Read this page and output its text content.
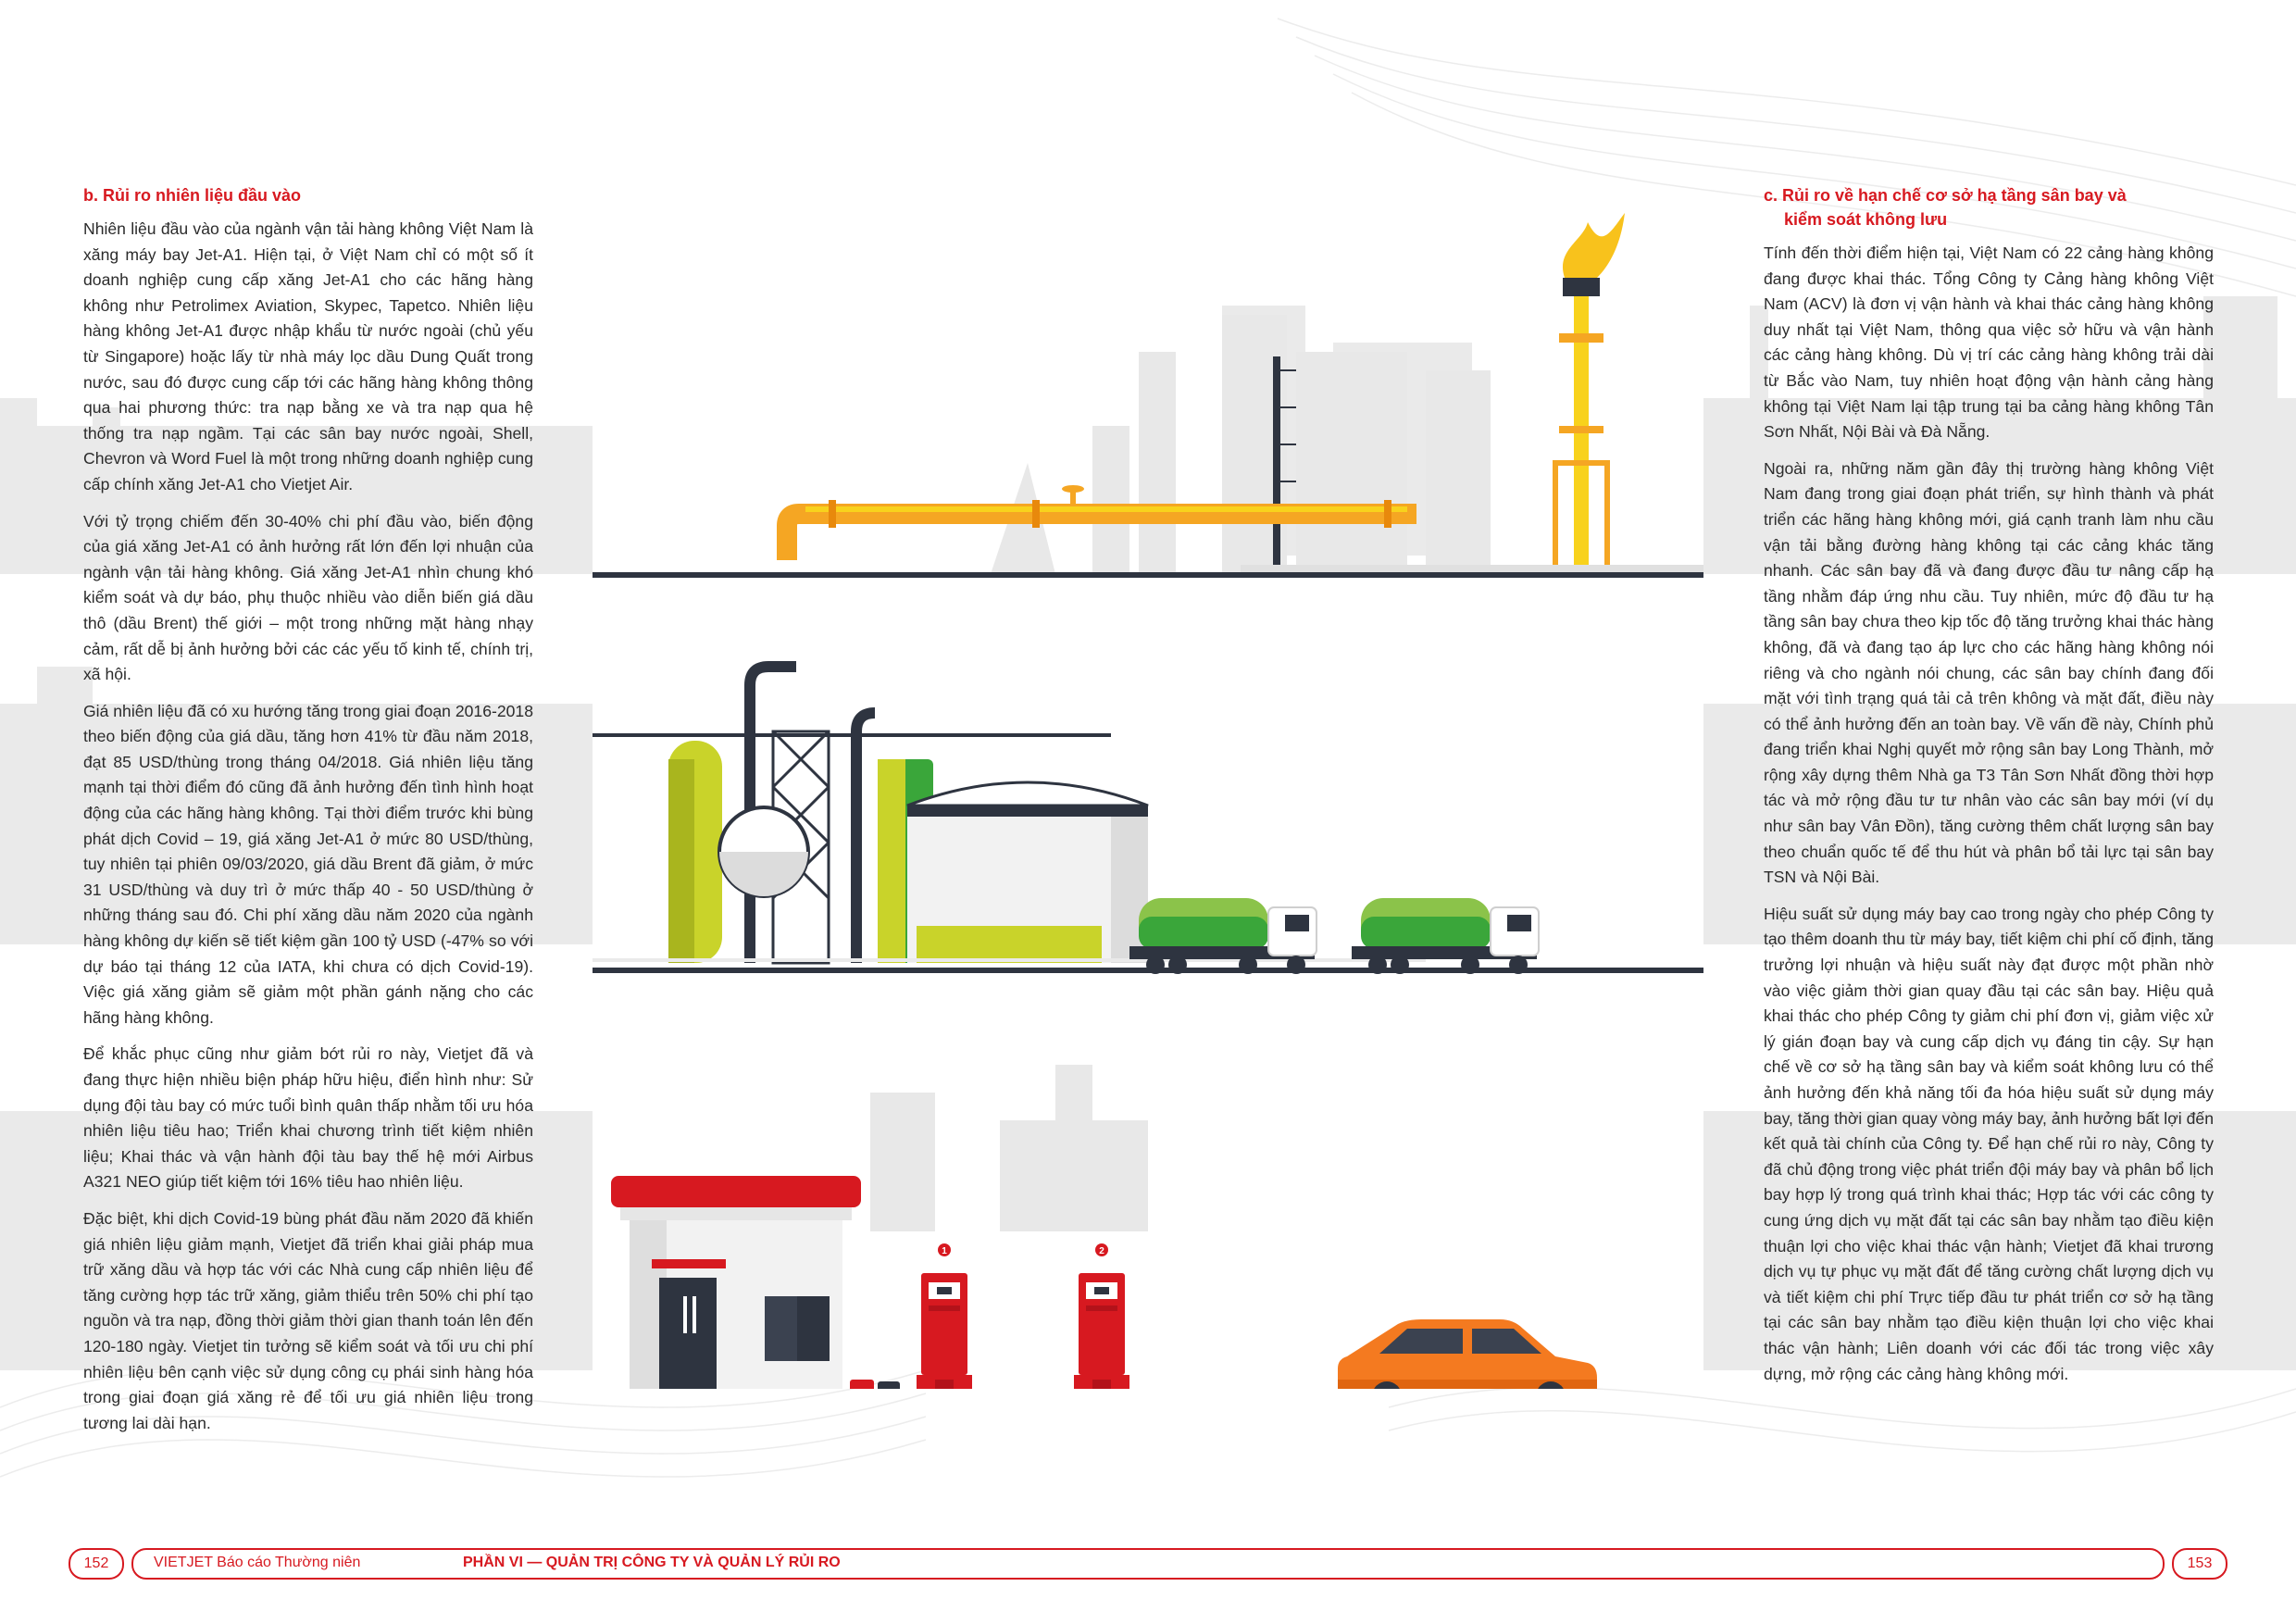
b. Rủi ro nhiên liệu đầu vào

Nhiên liệu đầu vào của ngành vận tải hàng không Việt Nam là xăng máy bay Jet-A1. Hiện tại, ở Việt Nam chỉ có một số ít doanh nghiệp cung cấp xăng Jet-A1 cho các hãng hàng không như Petrolimex Aviation, Skypec, Tapetco. Nhiên liệu hàng không Jet-A1 được nhập khẩu từ nước ngoài (chủ yếu từ Singapore) hoặc lấy từ nhà máy lọc dầu Dung Quất trong nước, sau đó được cung cấp tới các hãng hàng không thông qua hai phương thức: tra nạp bằng xe và tra nạp qua hệ thống tra nạp ngầm. Tại các sân bay nước ngoài, Shell, Chevron và Word Fuel là một trong những doanh nghiệp cung cấp chính xăng Jet-A1 cho Vietjet Air.

Với tỷ trọng chiếm đến 30-40% chi phí đầu vào, biến động của giá xăng Jet-A1 có ảnh hưởng rất lớn đến lợi nhuận của ngành vận tải hàng không. Giá xăng Jet-A1 nhìn chung khó kiểm soát và dự báo, phụ thuộc nhiều vào diễn biến giá dầu thô (dầu Brent) thế giới – một trong những mặt hàng nhạy cảm, rất dễ bị ảnh hưởng bởi các các yếu tố kinh tế, chính trị, xã hội.

Giá nhiên liệu đã có xu hướng tăng trong giai đoạn 2016-2018 theo biến động của giá dầu, tăng hơn 41% từ đầu năm 2018, đạt 85 USD/thùng trong tháng 04/2018. Giá nhiên liệu tăng mạnh tại thời điểm đó cũng đã ảnh hưởng đến tình hình hoạt động của các hãng hàng không. Tại thời điểm trước khi bùng phát dịch Covid – 19, giá xăng Jet-A1 ở mức 80 USD/thùng, tuy nhiên tại phiên 09/03/2020, giá dầu Brent đã giảm, ở mức 31 USD/thùng và duy trì ở mức thấp 40 - 50 USD/thùng ở những tháng sau đó. Chi phí xăng dầu năm 2020 của ngành hàng không dự kiến sẽ tiết kiệm gần 100 tỷ USD (-47% so với dự báo tại tháng 12 của IATA, khi chưa có dịch Covid-19). Việc giá xăng giảm sẽ giảm một phần gánh nặng cho các hãng hàng không.

Để khắc phục cũng như giảm bớt rủi ro này, Vietjet đã và đang thực hiện nhiều biện pháp hữu hiệu, điển hình như: Sử dụng đội tàu bay có mức tuổi bình quân thấp nhằm tối ưu hóa nhiên liệu tiêu hao; Triển khai chương trình tiết kiệm nhiên liệu; Khai thác và vận hành đội tàu bay thế hệ mới Airbus A321 NEO giúp tiết kiệm tới 16% tiêu hao nhiên liệu.

Đặc biệt, khi dịch Covid-19 bùng phát đầu năm 2020 đã khiến giá nhiên liệu giảm mạnh, Vietjet đã triển khai giải pháp mua trữ xăng dầu và hợp tác với các Nhà cung cấp nhiên liệu để tăng cường hợp tác trữ xăng, giảm thiểu trên 50% chi phí tạo nguồn và tra nạp, đồng thời giảm thời gian thanh toán lên đến 120-180 ngày. Vietjet tin tưởng sẽ kiểm soát và tối ưu chi phí nhiên liệu bên cạnh việc sử dụng công cụ phái sinh hàng hóa trong giai đoạn giá xăng rẻ để tối ưu giá nhiên liệu trong tương lai dài hạn.

c. Rủi ro về hạn chế cơ sở hạ tầng sân bay và
kiểm soát không lưu

Tính đến thời điểm hiện tại, Việt Nam có 22 cảng hàng không đang được khai thác. Tổng Công ty Cảng hàng không Việt Nam (ACV) là đơn vị vận hành và khai thác cảng hàng không duy nhất tại Việt Nam, thông qua việc sở hữu và vận hành các cảng hàng không. Dù vị trí các cảng hàng không trải dài từ Bắc vào Nam, tuy nhiên hoạt động vận hành cảng hàng không tại Việt Nam lại tập trung tại ba cảng hàng không Tân Sơn Nhất, Nội Bài và Đà Nẵng.

Ngoài ra, những năm gần đây thị trường hàng không Việt Nam đang trong giai đoạn phát triển, sự hình thành và phát triển các hãng hàng không mới, giá cạnh tranh làm nhu cầu vận tải bằng đường hàng không tại các cảng khác tăng nhanh. Các sân bay đã và đang được đầu tư nâng cấp hạ tầng nhằm đáp ứng nhu cầu. Tuy nhiên, mức độ đầu tư hạ tầng sân bay chưa theo kịp tốc độ tăng trưởng khai thác hàng không, đã và đang tạo áp lực cho các hãng hàng không nói riêng và cho ngành nói chung, các sân bay chính đang đối mặt với tình trạng quá tải cả trên không và mặt đất, điều này có thể ảnh hưởng đến an toàn bay. Về vấn đề này, Chính phủ đang triển khai Nghị quyết mở rộng sân bay Long Thành, mở rộng xây dựng thêm Nhà ga T3 Tân Sơn Nhất đồng thời hợp tác và mở rộng đầu tư tư nhân vào các sân bay mới (ví dụ như sân bay Vân Đồn), tăng cường thêm chất lượng sân bay theo chuẩn quốc tế để thu hút và phân bổ tải lực tại sân bay TSN và Nội Bài.

Hiệu suất sử dụng máy bay cao trong ngày cho phép Công ty tạo thêm doanh thu từ máy bay, tiết kiệm chi phí cố định, tăng trưởng lợi nhuận và hiệu suất này đạt được một phần nhờ vào việc giảm thời gian quay đầu tại các sân bay. Hiệu quả khai thác cho phép Công ty giảm chi phí đơn vị, giảm việc xử lý gián đoạn bay và cung cấp dịch vụ đáng tin cậy. Sự hạn chế về cơ sở hạ tầng sân bay và kiểm soát không lưu có thể ảnh hưởng đến khả năng tối đa hóa hiệu suất sử dụng máy bay, tăng thời gian quay vòng máy bay, ảnh hưởng bất lợi đến kết quả tài chính của Công ty. Để hạn chế rủi ro này, Công ty đã chủ động trong việc phát triển đội máy bay và phân bổ lịch bay hợp lý trong quá trình khai thác; Hợp tác với các công ty cung ứng dịch vụ mặt đất tại các sân bay nhằm tạo điều kiện thuận lợi cho việc khai thác vận hành; Vietjet đã khai trương dịch vụ tự phục vụ mặt đất để tăng cường chất lượng dịch vụ và tiết kiệm chi phí Trực tiếp đầu tư phát triển cơ sở hạ tầng tại các sân bay nhằm tạo điều kiện thuận lợi cho việc khai thác vận hành; Liên doanh với các đối tác trong việc xây dựng, mở rộng các cảng hàng không mới.

1	2
152	VIETJET Báo cáo Thường niên	PHẦN VI — QUẢN TRỊ CÔNG TY VÀ QUẢN LÝ RỦI RO	153
